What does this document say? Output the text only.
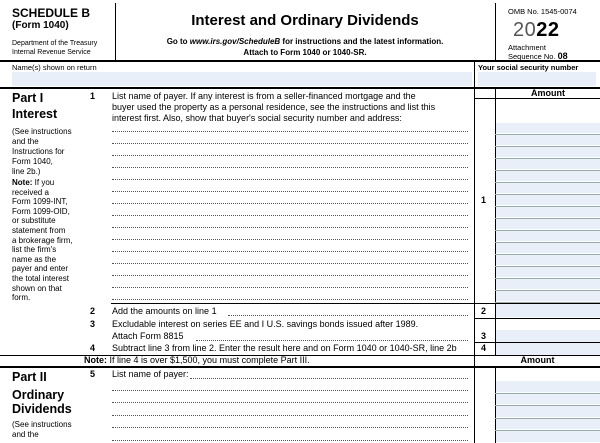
SCHEDULE B
(Form 1040)
Department of the Treasury
Internal Revenue Service
Interest and Ordinary Dividends
Go to www.irs.gov/ScheduleB for instructions and the latest information.
Attach to Form 1040 or 1040-SR.
OMB No. 1545-0074
2022
Attachment
Sequence No. 08
Name(s) shown on return	Your social security number
Part I
Interest
(See instructions
and the
Instructions for
Form 1040,
line 2b.)
Note: If you
received a
Form 1099-INT,
Form 1099-OID,
or substitute
statement from
a brokerage firm,
list the firm's
name as the
payer and enter
the total interest
shown on that
form.
Amount
1 List name of payer. If any interest is from a seller-financed mortgage and the
buyer used the property as a personal residence, see the instructions and list this
interest first. Also, show that buyer's social security number and address:
1
2 Add the amounts on line 1	2
3 Excludable interest on series EE and I U.S. savings bonds issued after 1989.
Attach Form 8815	3
4 Subtract line 3 from line 2. Enter the result here and on Form 1040 or 1040-SR, line 2b	4
Note: If line 4 is over $1,500, you must complete Part III.	Amount
Part II
Ordinary
Dividends
(See instructions
and the
5 List name of payer:
